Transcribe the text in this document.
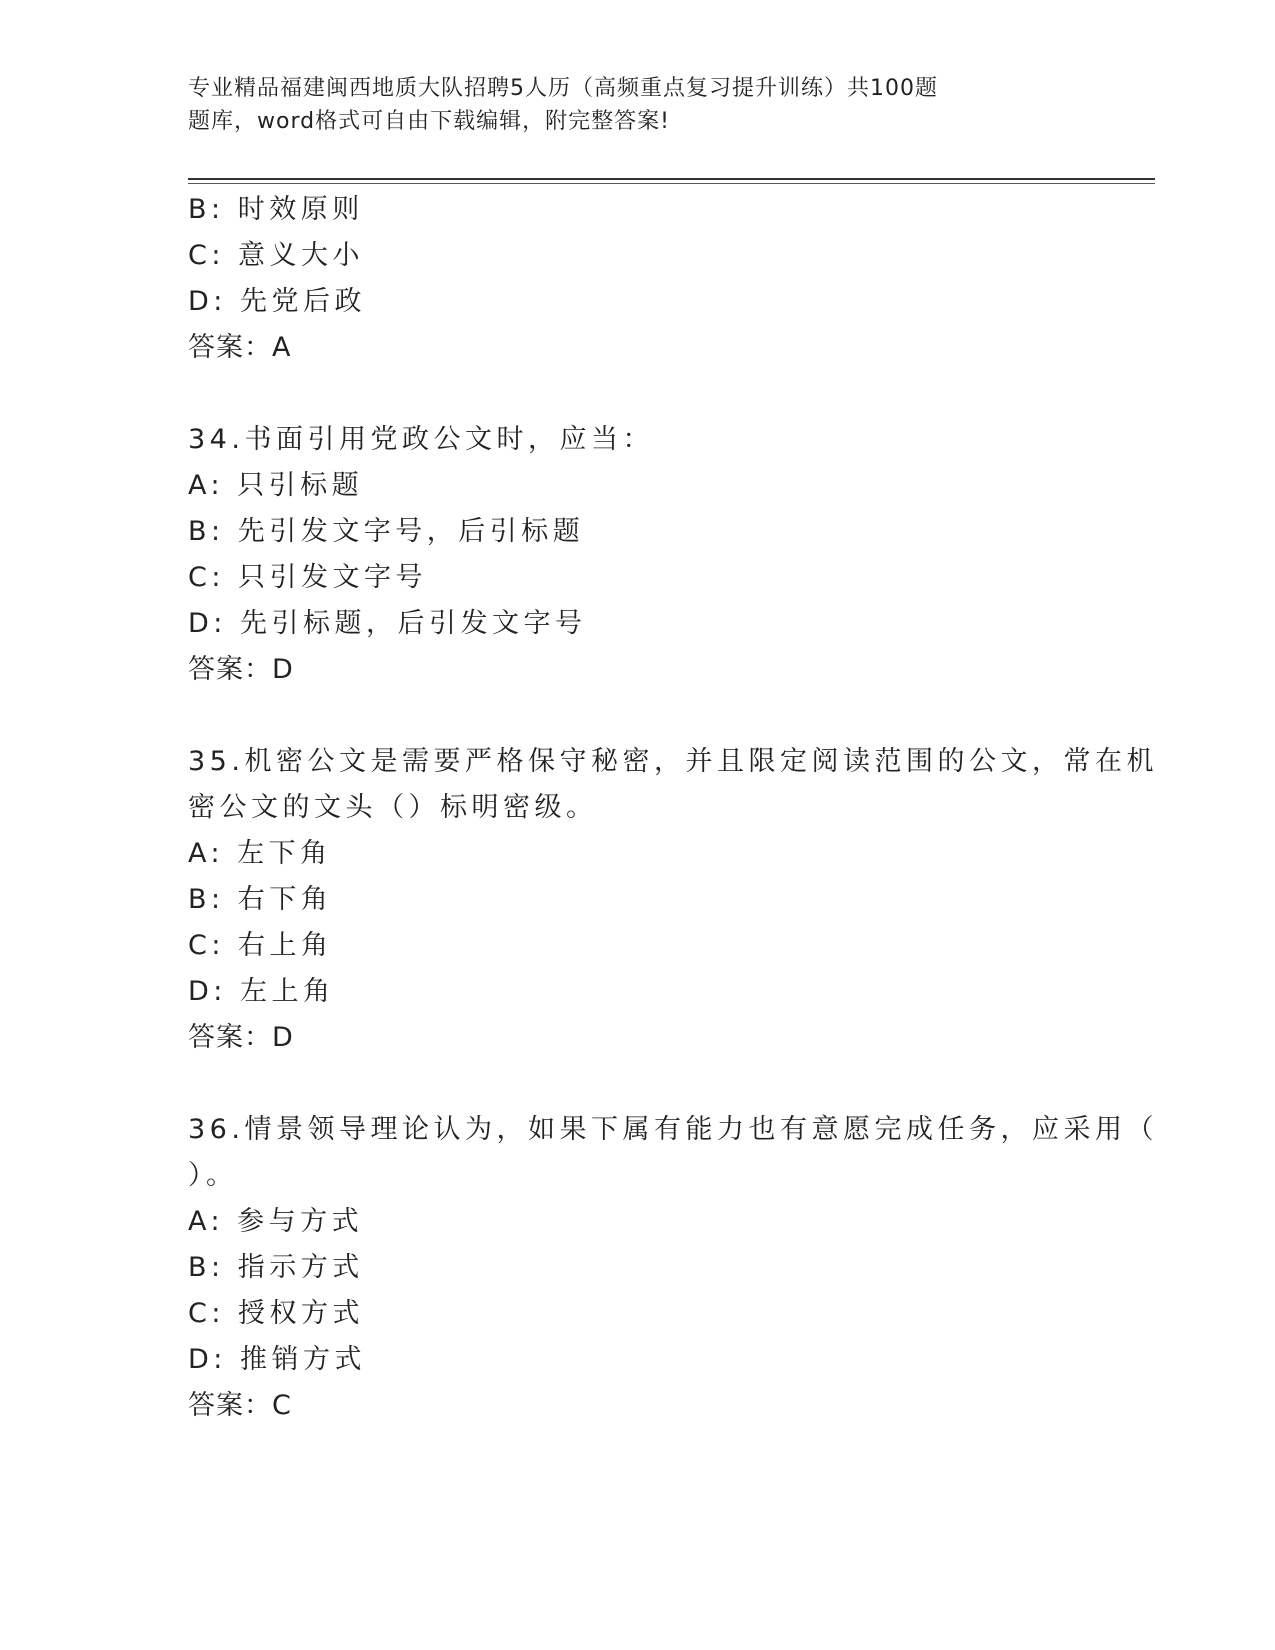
专业精品福建闽西地质大队招聘5人历（高频重点复习提升训练）共100题
题库，word格式可自由下载编辑，附完整答案!
B: 时效原则
C: 意义大小
D: 先党后政
答案：A
34.书面引用党政公文时，应当：
A: 只引标题
B: 先引发文字号，后引标题
C: 只引发文字号
D: 先引标题，后引发文字号
答案：D
35.机密公文是需要严格保守秘密，并且限定阅读范围的公文，常在机
密公文的文头（）标明密级。
A: 左下角
B: 右下角
C: 右上角
D: 左上角
答案：D
36.情景领导理论认为，如果下属有能力也有意愿完成任务，应采用（
）。
A: 参与方式
B: 指示方式
C: 授权方式
D: 推销方式
答案：C
